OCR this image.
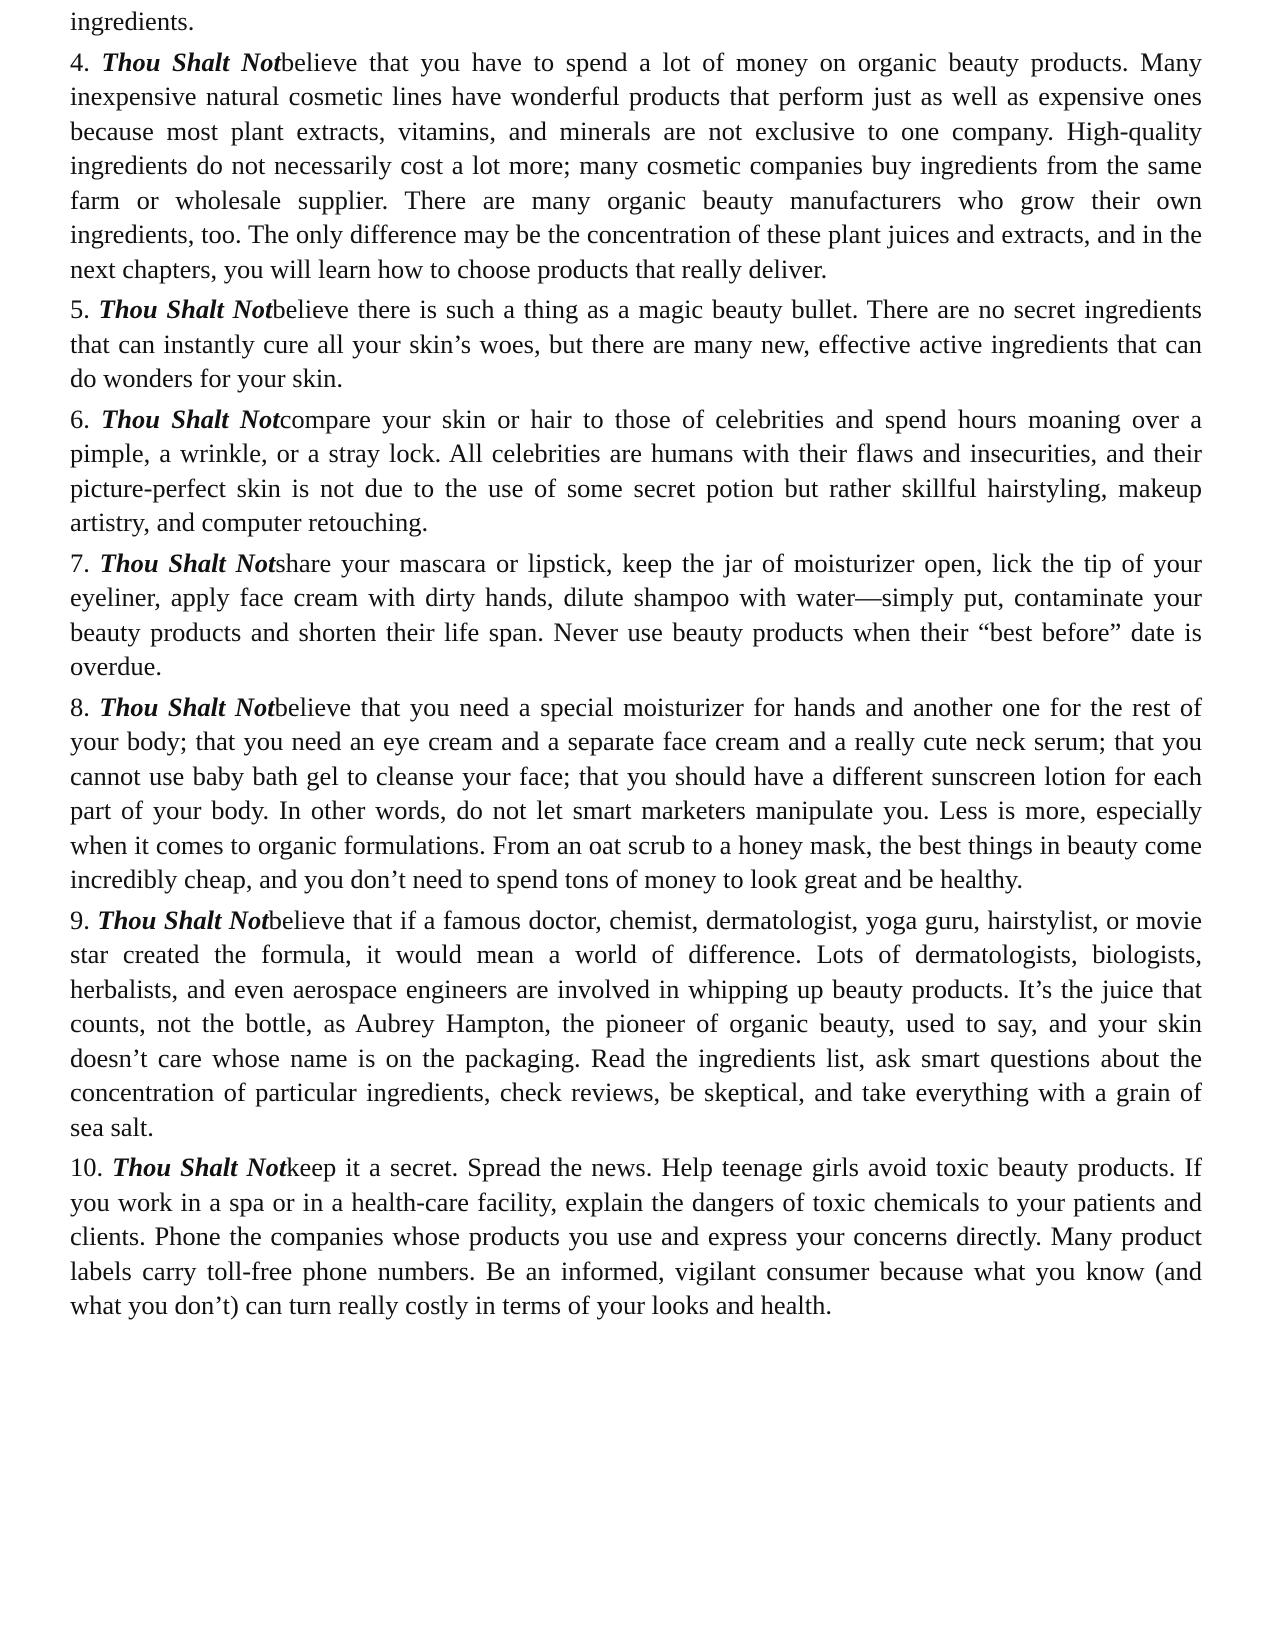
ingredients.

4. Thou Shalt Notbelieve that you have to spend a lot of money on organic beauty products. Many inexpensive natural cosmetic lines have wonderful products that perform just as well as expensive ones because most plant extracts, vitamins, and minerals are not exclusive to one company. High-quality ingredients do not necessarily cost a lot more; many cosmetic companies buy ingredients from the same farm or wholesale supplier. There are many organic beauty manufacturers who grow their own ingredients, too. The only difference may be the concentration of these plant juices and extracts, and in the next chapters, you will learn how to choose products that really deliver.

5. Thou Shalt Notbelieve there is such a thing as a magic beauty bullet. There are no secret ingredients that can instantly cure all your skin’s woes, but there are many new, effective active ingredients that can do wonders for your skin.

6. Thou Shalt Notcompare your skin or hair to those of celebrities and spend hours moaning over a pimple, a wrinkle, or a stray lock. All celebrities are humans with their flaws and insecurities, and their picture-perfect skin is not due to the use of some secret potion but rather skillful hairstyling, makeup artistry, and computer retouching.

7. Thou Shalt Notshare your mascara or lipstick, keep the jar of moisturizer open, lick the tip of your eyeliner, apply face cream with dirty hands, dilute shampoo with water—simply put, contaminate your beauty products and shorten their life span. Never use beauty products when their “best before” date is overdue.

8. Thou Shalt Notbelieve that you need a special moisturizer for hands and another one for the rest of your body; that you need an eye cream and a separate face cream and a really cute neck serum; that you cannot use baby bath gel to cleanse your face; that you should have a different sunscreen lotion for each part of your body. In other words, do not let smart marketers manipulate you. Less is more, especially when it comes to organic formulations. From an oat scrub to a honey mask, the best things in beauty come incredibly cheap, and you don’t need to spend tons of money to look great and be healthy.

9. Thou Shalt Notbelieve that if a famous doctor, chemist, dermatologist, yoga guru, hairstylist, or movie star created the formula, it would mean a world of difference. Lots of dermatologists, biologists, herbalists, and even aerospace engineers are involved in whipping up beauty products. It’s the juice that counts, not the bottle, as Aubrey Hampton, the pioneer of organic beauty, used to say, and your skin doesn’t care whose name is on the packaging. Read the ingredients list, ask smart questions about the concentration of particular ingredients, check reviews, be skeptical, and take everything with a grain of sea salt.

10. Thou Shalt Notkeep it a secret. Spread the news. Help teenage girls avoid toxic beauty products. If you work in a spa or in a health-care facility, explain the dangers of toxic chemicals to your patients and clients. Phone the companies whose products you use and express your concerns directly. Many product labels carry toll-free phone numbers. Be an informed, vigilant consumer because what you know (and what you don’t) can turn really costly in terms of your looks and health.
